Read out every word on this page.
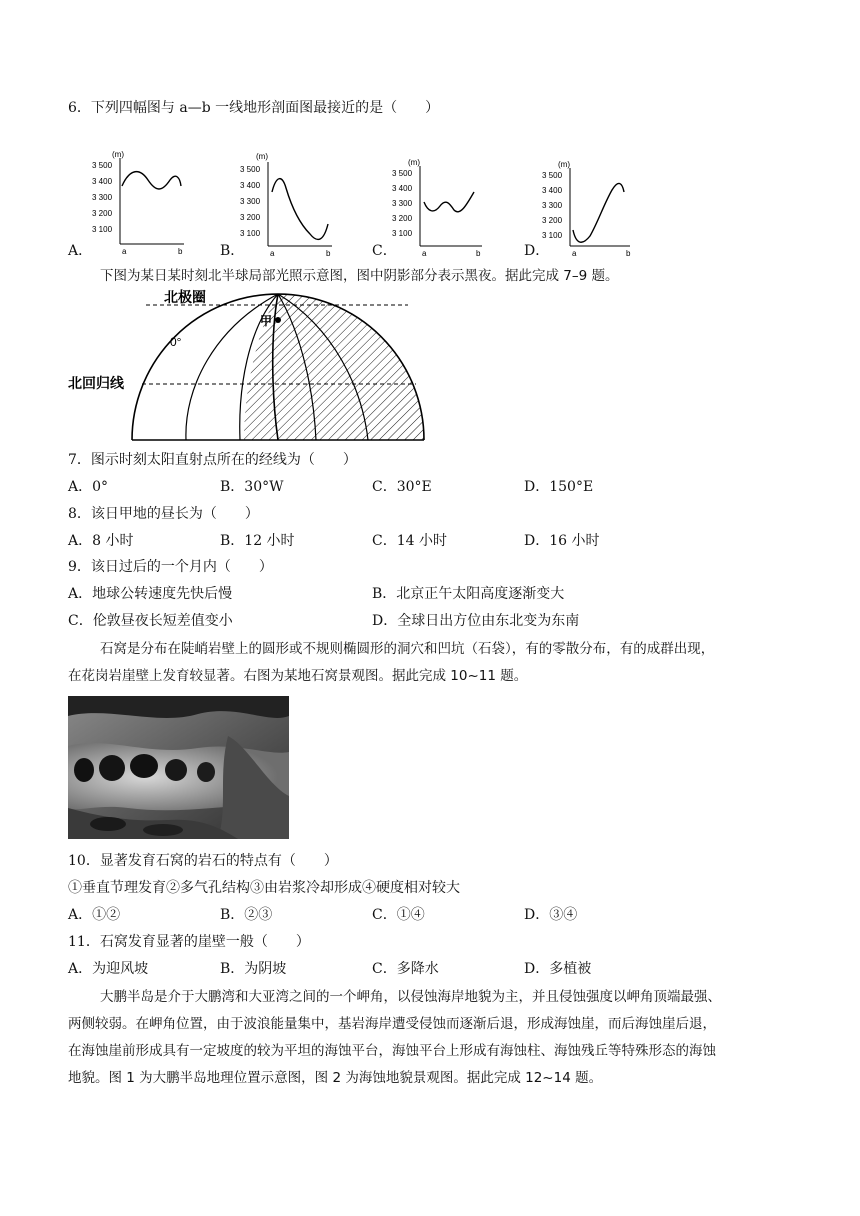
6．下列四幅图与 a—b 一线地形剖面图最接近的是（　　）
(m)
3 500
3 400
3 300
3 200
3 100
a	b
(m)
3 500
3 400
3 300
3 200
3 100
a	b
(m)
3 500
3 400
3 300
3 200
3 100
a	b
(m)
3 500
3 400
3 300
3 200
3 100
a	b
A．	B．	C．	D．
下图为某日某时刻北半球局部光照示意图，图中阴影部分表示黑夜。据此完成 7–9 题。
甲
北极圈
北回归线
0°
7．图示时刻太阳直射点所在的经线为（　　）
A．0°	B．30°W	C．30°E	D．150°E
8．该日甲地的昼长为（　　）
A．8 小时	B．12 小时	C．14 小时	D．16 小时
9．该日过后的一个月内（　　）
A．地球公转速度先快后慢	B．北京正午太阳高度逐渐变大
C．伦敦昼夜长短差值变小	D．全球日出方位由东北变为东南
石窝是分布在陡峭岩壁上的圆形或不规则椭圆形的洞穴和凹坑（石袋），有的零散分布，有的成群出现，
在花岗岩崖壁上发育较显著。右图为某地石窝景观图。据此完成 10~11 题。
10．显著发育石窝的岩石的特点有（　　）
①垂直节理发育②多气孔结构③由岩浆冷却形成④硬度相对较大
A．①②	B．②③	C．①④	D．③④
11．石窝发育显著的崖壁一般（　　）
A．为迎风坡	B．为阴坡	C．多降水	D．多植被
大鹏半岛是介于大鹏湾和大亚湾之间的一个岬角，以侵蚀海岸地貌为主，并且侵蚀强度以岬角顶端最强、
两侧较弱。在岬角位置，由于波浪能量集中，基岩海岸遭受侵蚀而逐渐后退，形成海蚀崖，而后海蚀崖后退，
在海蚀崖前形成具有一定坡度的较为平坦的海蚀平台，海蚀平台上形成有海蚀柱、海蚀残丘等特殊形态的海蚀
地貌。图 1 为大鹏半岛地理位置示意图，图 2 为海蚀地貌景观图。据此完成 12~14 题。
